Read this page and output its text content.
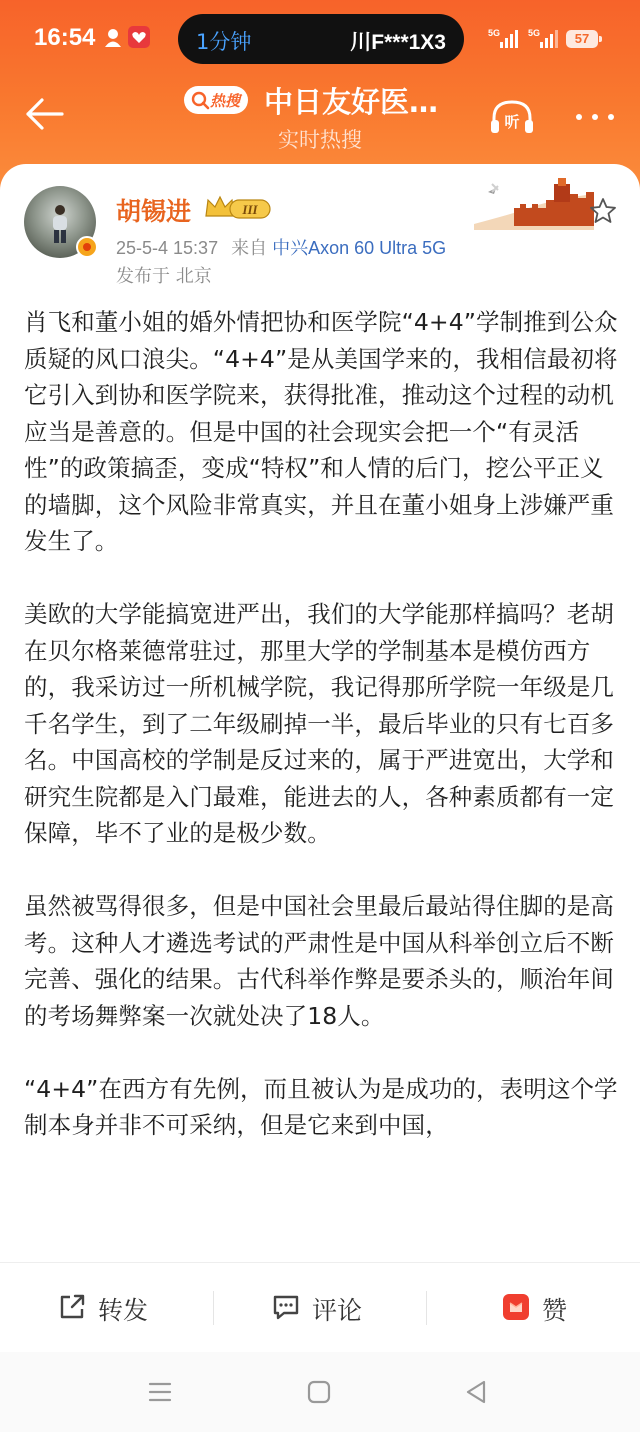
16:54	1分钟	川F***1X3	5G	5G	57
热搜 中日友好医…
实时热搜
听
胡锡进	III
25-5-4 15:37 来自 中兴Axon 60 Ultra 5G
发布于 北京

肖飞和董小姐的婚外情把协和医学院“4+4”学制推到公众质疑的风口浪尖。“4+4”是从美国学来的，我相信最初将它引入到协和医学院来，获得批准，推动这个过程的动机应当是善意的。但是中国的社会现实会把一个“有灵活性”的政策搞歪，变成“特权”和人情的后门，挖公平正义的墙脚，这个风险非常真实，并且在董小姐身上涉嫌严重发生了。

美欧的大学能搞宽进严出，我们的大学能那样搞吗？老胡在贝尔格莱德常驻过，那里大学的学制基本是模仿西方的，我采访过一所机械学院，我记得那所学院一年级是几千名学生，到了二年级刷掉一半，最后毕业的只有七百多名。中国高校的学制是反过来的，属于严进宽出，大学和研究生院都是入门最难，能进去的人，各种素质都有一定保障，毕不了业的是极少数。

虽然被骂得很多，但是中国社会里最后最站得住脚的是高考。这种人才遴选考试的严肃性是中国从科举创立后不断完善、强化的结果。古代科举作弊是要杀头的，顺治年间的考场舞弊案一次就处决了18人。

“4+4”在西方有先例，而且被认为是成功的，表明这个学制本身并非不可采纳，但是它来到中国，

转发	评论	赞
